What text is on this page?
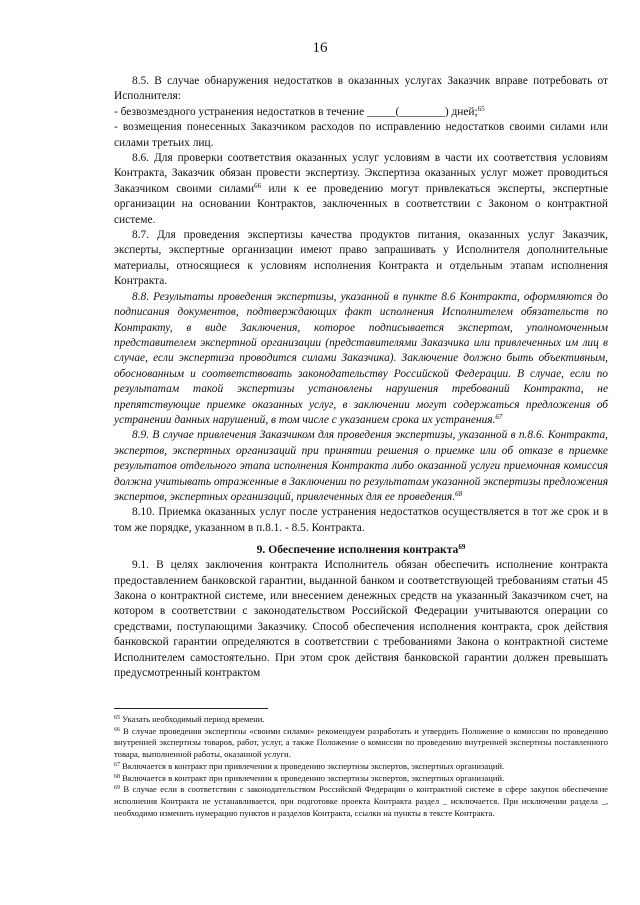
16

8.5. В случае обнаружения недостатков в оказанных услугах Заказчик вправе потребовать от Исполнителя:

- безвозмездного устранения недостатков в течение _____(________) дней;$^{65}$

- возмещения понесенных Заказчиком расходов по исправлению недостатков своими силами или силами третьих лиц.

8.6. Для проверки соответствия оказанных услуг условиям в части их соответствия условиям Контракта, Заказчик обязан провести экспертизу. Экспертиза оказанных услуг может проводиться Заказчиком своими силами$^{66}$ или к ее проведению могут привлекаться эксперты, экспертные организации на основании Контрактов, заключенных в соответствии с Законом о контрактной системе.

8.7. Для проведения экспертизы качества продуктов питания, оказанных услуг Заказчик, эксперты, экспертные организации имеют право запрашивать у Исполнителя дополнительные материалы, относящиеся к условиям исполнения Контракта и отдельным этапам исполнения Контракта.

8.8. Результаты проведения экспертизы, указанной в пункте 8.6 Контракта, оформляются до подписания документов, подтверждающих факт исполнения Исполнителем обязательств по Контракту, в виде Заключения, которое подписывается экспертом, уполномоченным представителем экспертной организации (представителями Заказчика или привлеченных им лиц в случае, если экспертиза проводится силами Заказчика). Заключение должно быть объективным, обоснованным и соответствовать законодательству Российской Федерации. В случае, если по результатам такой экспертизы установлены нарушения требований Контракта, не препятствующие приемке оказанных услуг, в заключении могут содержаться предложения об устранении данных нарушений, в том числе с указанием срока их устранения.$^{67}$

8.9. В случае привлечения Заказчиком для проведения экспертизы, указанной в п.8.6. Контракта, экспертов, экспертных организаций при принятии решения о приемке или об отказе в приемке результатов отдельного этапа исполнения Контракта либо оказанной услуги приемочная комиссия должна учитывать отраженные в Заключении по результатам указанной экспертизы предложения экспертов, экспертных организаций, привлеченных для ее проведения.$^{68}$

8.10. Приемка оказанных услуг после устранения недостатков осуществляется в тот же срок и в том же порядке, указанном в п.8.1. - 8.5. Контракта.

9. Обеспечение исполнения контракта$^{69}$

9.1. В целях заключения контракта Исполнитель обязан обеспечить исполнение контракта предоставлением банковской гарантии, выданной банком и соответствующей требованиям статьи 45 Закона о контрактной системе, или внесением денежных средств на указанный Заказчиком счет, на котором в соответствии с законодательством Российской Федерации учитываются операции со средствами, поступающими Заказчику. Способ обеспечения исполнения контракта, срок действия банковской гарантии определяются в соответствии с требованиями Закона о контрактной системе Исполнителем самостоятельно. При этом срок действия банковской гарантии должен превышать предусмотренный контрактом

$^{65}$ Указать необходимый период времени.

$^{66}$ В случае проведения экспертизы «своими силами» рекомендуем разработать и утвердить Положение о комиссии по проведению внутренней экспертизы товаров, работ, услуг, а также Положение о комиссии по проведению внутренней экспертизы поставленного товара, выполненной работы, оказанной услуги.

$^{67}$ Включается в контракт при привлечении к проведению экспертизы экспертов, экспертных организаций.

$^{68}$ Включается в контракт при привлечении к проведению экспертизы экспертов, экспертных организаций.

$^{69}$ В случае если в соответствии с законодательством Российской Федерации о контрактной системе в сфере закупок обеспечение исполнения Контракта не устанавливается, при подготовке проекта Контракта раздел _ исключается. При исключении раздела _, необходимо изменить нумерацию пунктов и разделов Контракта, ссылки на пункты в тексте Контракта.
